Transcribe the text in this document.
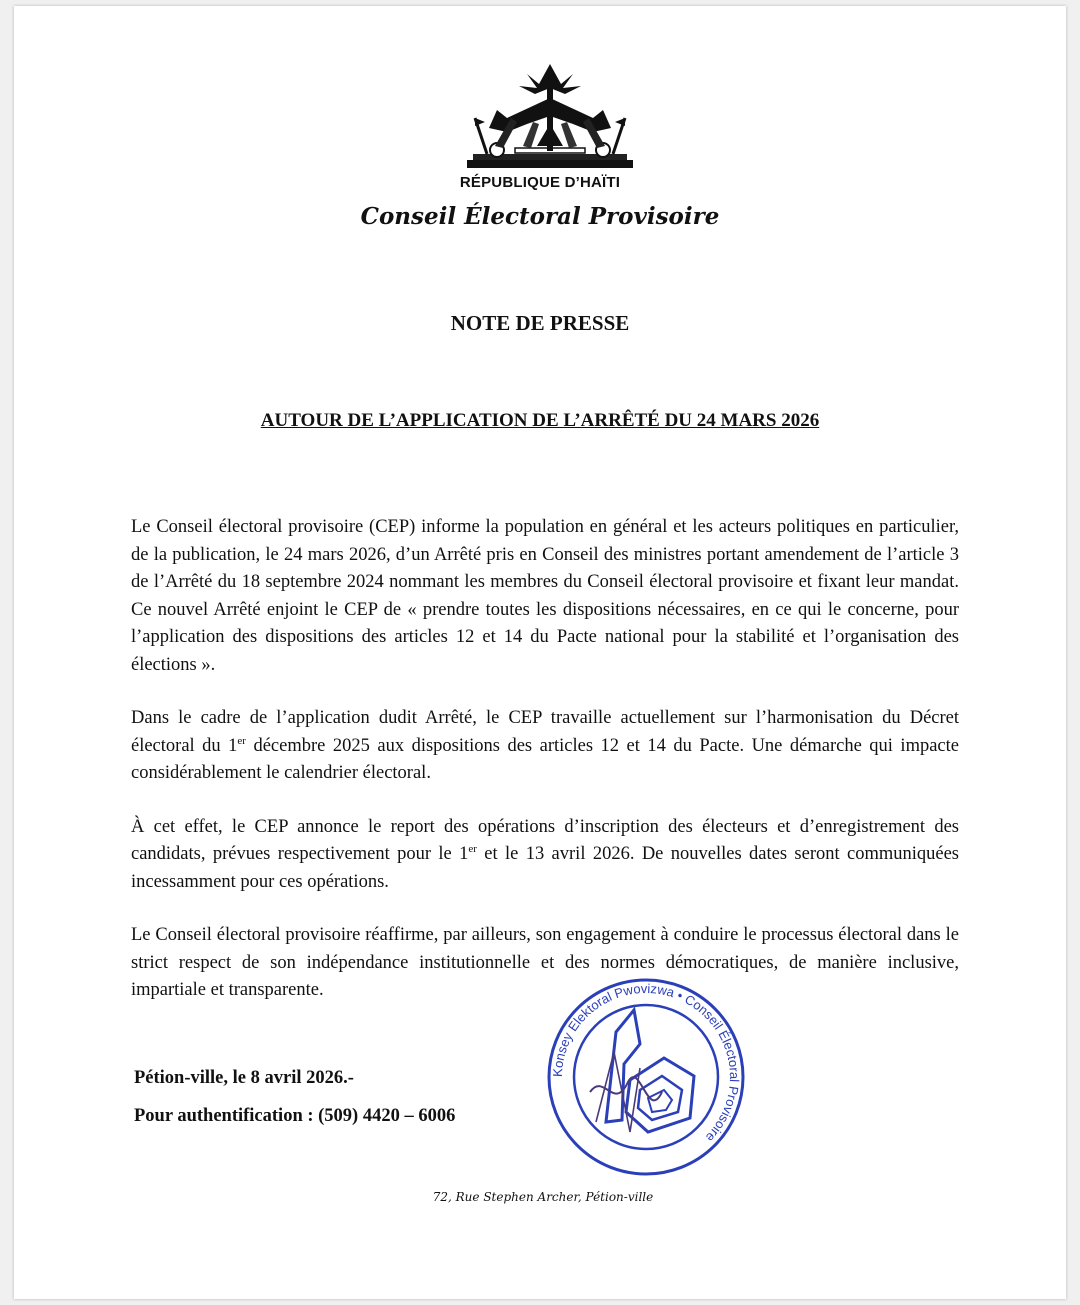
RÉPUBLIQUE D’HAÏTI
Conseil Électoral Provisoire
NOTE DE PRESSE
AUTOUR DE L’APPLICATION DE L’ARRÊTÉ DU 24 MARS 2026

Le Conseil électoral provisoire (CEP) informe la population en général et les acteurs politiques en particulier, de la publication, le 24 mars 2026, d’un Arrêté pris en Conseil des ministres portant amendement de l’article 3 de l’Arrêté du 18 septembre 2024 nommant les membres du Conseil électoral provisoire et fixant leur mandat. Ce nouvel Arrêté enjoint le CEP de « prendre toutes les dispositions nécessaires, en ce qui le concerne, pour l’application des dispositions des articles 12 et 14 du Pacte national pour la stabilité et l’organisation des élections ».

Dans le cadre de l’application dudit Arrêté, le CEP travaille actuellement sur l’harmonisation du Décret électoral du 1er décembre 2025 aux dispositions des articles 12 et 14 du Pacte. Une démarche qui impacte considérablement le calendrier électoral.

À cet effet, le CEP annonce le report des opérations d’inscription des électeurs et d’enregistrement des candidats, prévues respectivement pour le 1er et le 13 avril 2026. De nouvelles dates seront communiquées incessamment pour ces opérations.

Le Conseil électoral provisoire réaffirme, par ailleurs, son engagement à conduire le processus électoral dans le strict respect de son indépendance institutionnelle et des normes démocratiques, de manière inclusive, impartiale et transparente.

Pétion-ville, le 8 avril 2026.-
Pour authentification : (509) 4420 – 6006
Konsey Elektoral Pwovizwa • Conseil Électoral Provisoire
72, Rue Stephen Archer, Pétion-ville
